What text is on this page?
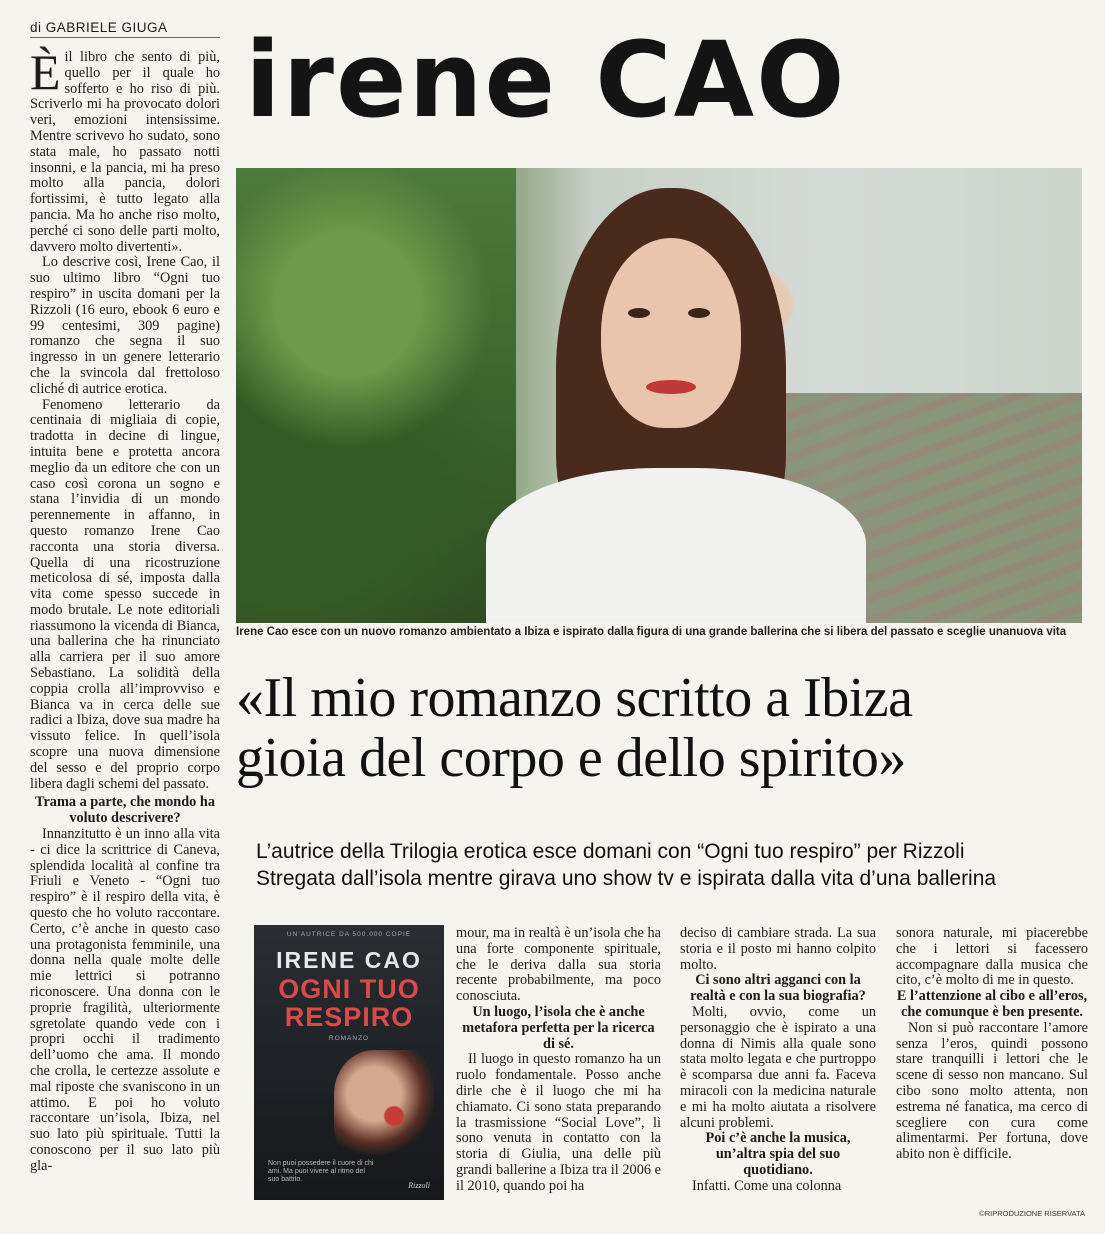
di GABRIELE GIUGA irene CAO
Irene Cao esce con un nuovo romanzo ambientato a Ibiza e ispirato dalla figura di una grande ballerina che si libera del passato e sceglie unanuova vita

Èil libro che sento di più, quello per il quale ho sofferto e ho riso di più. Scriverlo mi ha provocato dolori veri, emozioni intensissime. Mentre scrivevo ho sudato, sono stata male, ho passato notti insonni, e la pancia, mi ha preso molto alla pancia, dolori fortissimi, è tutto legato alla pancia. Ma ho anche riso molto, perché ci sono delle parti molto, davvero molto divertenti».

Lo descrive così, Irene Cao, il suo ultimo libro “Ogni tuo respiro” in uscita domani per la Rizzoli (16 euro, ebook 6 euro e 99 centesimi, 309 pagine) romanzo che segna il suo ingresso in un genere letterario che la svincola dal frettoloso cliché di autrice erotica.

Fenomeno letterario da centinaia di migliaia di copie, tradotta in decine di lingue, intuita bene e protetta ancora meglio da un editore che con un caso così corona un sogno e stana l’invidia di un mondo perennemente in affanno, in questo romanzo Irene Cao racconta una storia diversa. Quella di una ricostruzione meticolosa di sé, imposta dalla vita come spesso succede in modo brutale. Le note editoriali riassumono la vicenda di Bianca, una ballerina che ha rinunciato alla carriera per il suo amore Sebastiano. La solidità della coppia crolla all’improvviso e Bianca va in cerca delle sue radici a Ibiza, dove sua madre ha vissuto felice. In quell’isola scopre una nuova dimensione del sesso e del proprio corpo libera dagli schemi del passato.

Trama a parte, che mondo ha voluto descrivere?

Innanzitutto è un inno alla vita - ci dice la scrittrice di Caneva, splendida località al confine tra Friuli e Veneto - “Ogni tuo respiro” è il respiro della vita, è questo che ho voluto raccontare. Certo, c’è anche in questo caso una protagonista femminile, una donna nella quale molte delle mie lettrici si potranno riconoscere. Una donna con le proprie fragilità, ulteriormente sgretolate quando vede con i propri occhi il tradimento dell’uomo che ama. Il mondo che crolla, le certezze assolute e mal riposte che svaniscono in un attimo. E poi ho voluto raccontare un’isola, Ibiza, nel suo lato più spirituale. Tutti la conoscono per il suo lato più gla-

«Il mio romanzo scritto a Ibiza
gioia del corpo e dello spirito»
L’autrice della Trilogia erotica esce domani con “Ogni tuo respiro” per Rizzoli
Stregata dall’isola mentre girava uno show tv e ispirata dalla vita d’una ballerina
UN’AUTRICE DA 500.000 COPIE
IRENE CAO
OGNI TUO
RESPIRO
ROMANZO
Non puoi possedere il cuore di chi ami. Ma puoi vivere al ritmo del suo battito.
Rizzoli

mour, ma in realtà è un’isola che ha una forte componente spirituale, che le deriva dalla sua storia recente probabilmente, ma poco conosciuta.

Un luogo, l’isola che è anche metafora perfetta per la ricerca di sé.

Il luogo in questo romanzo ha un ruolo fondamentale. Posso anche dirle che è il luogo che mi ha chiamato. Ci sono stata preparando la trasmissione “Social Love”, lì sono venuta in contatto con la storia di Giulia, una delle più grandi ballerine a Ibiza tra il 2006 e il 2010, quando poi ha

deciso di cambiare strada. La sua storia e il posto mi hanno colpito molto.

Ci sono altri agganci con la realtà e con la sua biografia?

Molti, ovvio, come un personaggio che è ispirato a una donna di Nimis alla quale sono stata molto legata e che purtroppo è scomparsa due anni fa. Faceva miracoli con la medicina naturale e mi ha molto aiutata a risolvere alcuni problemi.

Poi c’è anche la musica, un’altra spia del suo quotidiano.

Infatti. Come una colonna

sonora naturale, mi piacerebbe che i lettori si facessero accompagnare dalla musica che cito, c’è molto di me in questo.

E l’attenzione al cibo e all’eros, che comunque è ben presente.

Non si può raccontare l’amore senza l’eros, quindi possono stare tranquilli i lettori che le scene di sesso non mancano. Sul cibo sono molto attenta, non estrema né fanatica, ma cerco di scegliere con cura come alimentarmi. Per fortuna, dove abito non è difficile.

©RIPRODUZIONE RISERVATA
